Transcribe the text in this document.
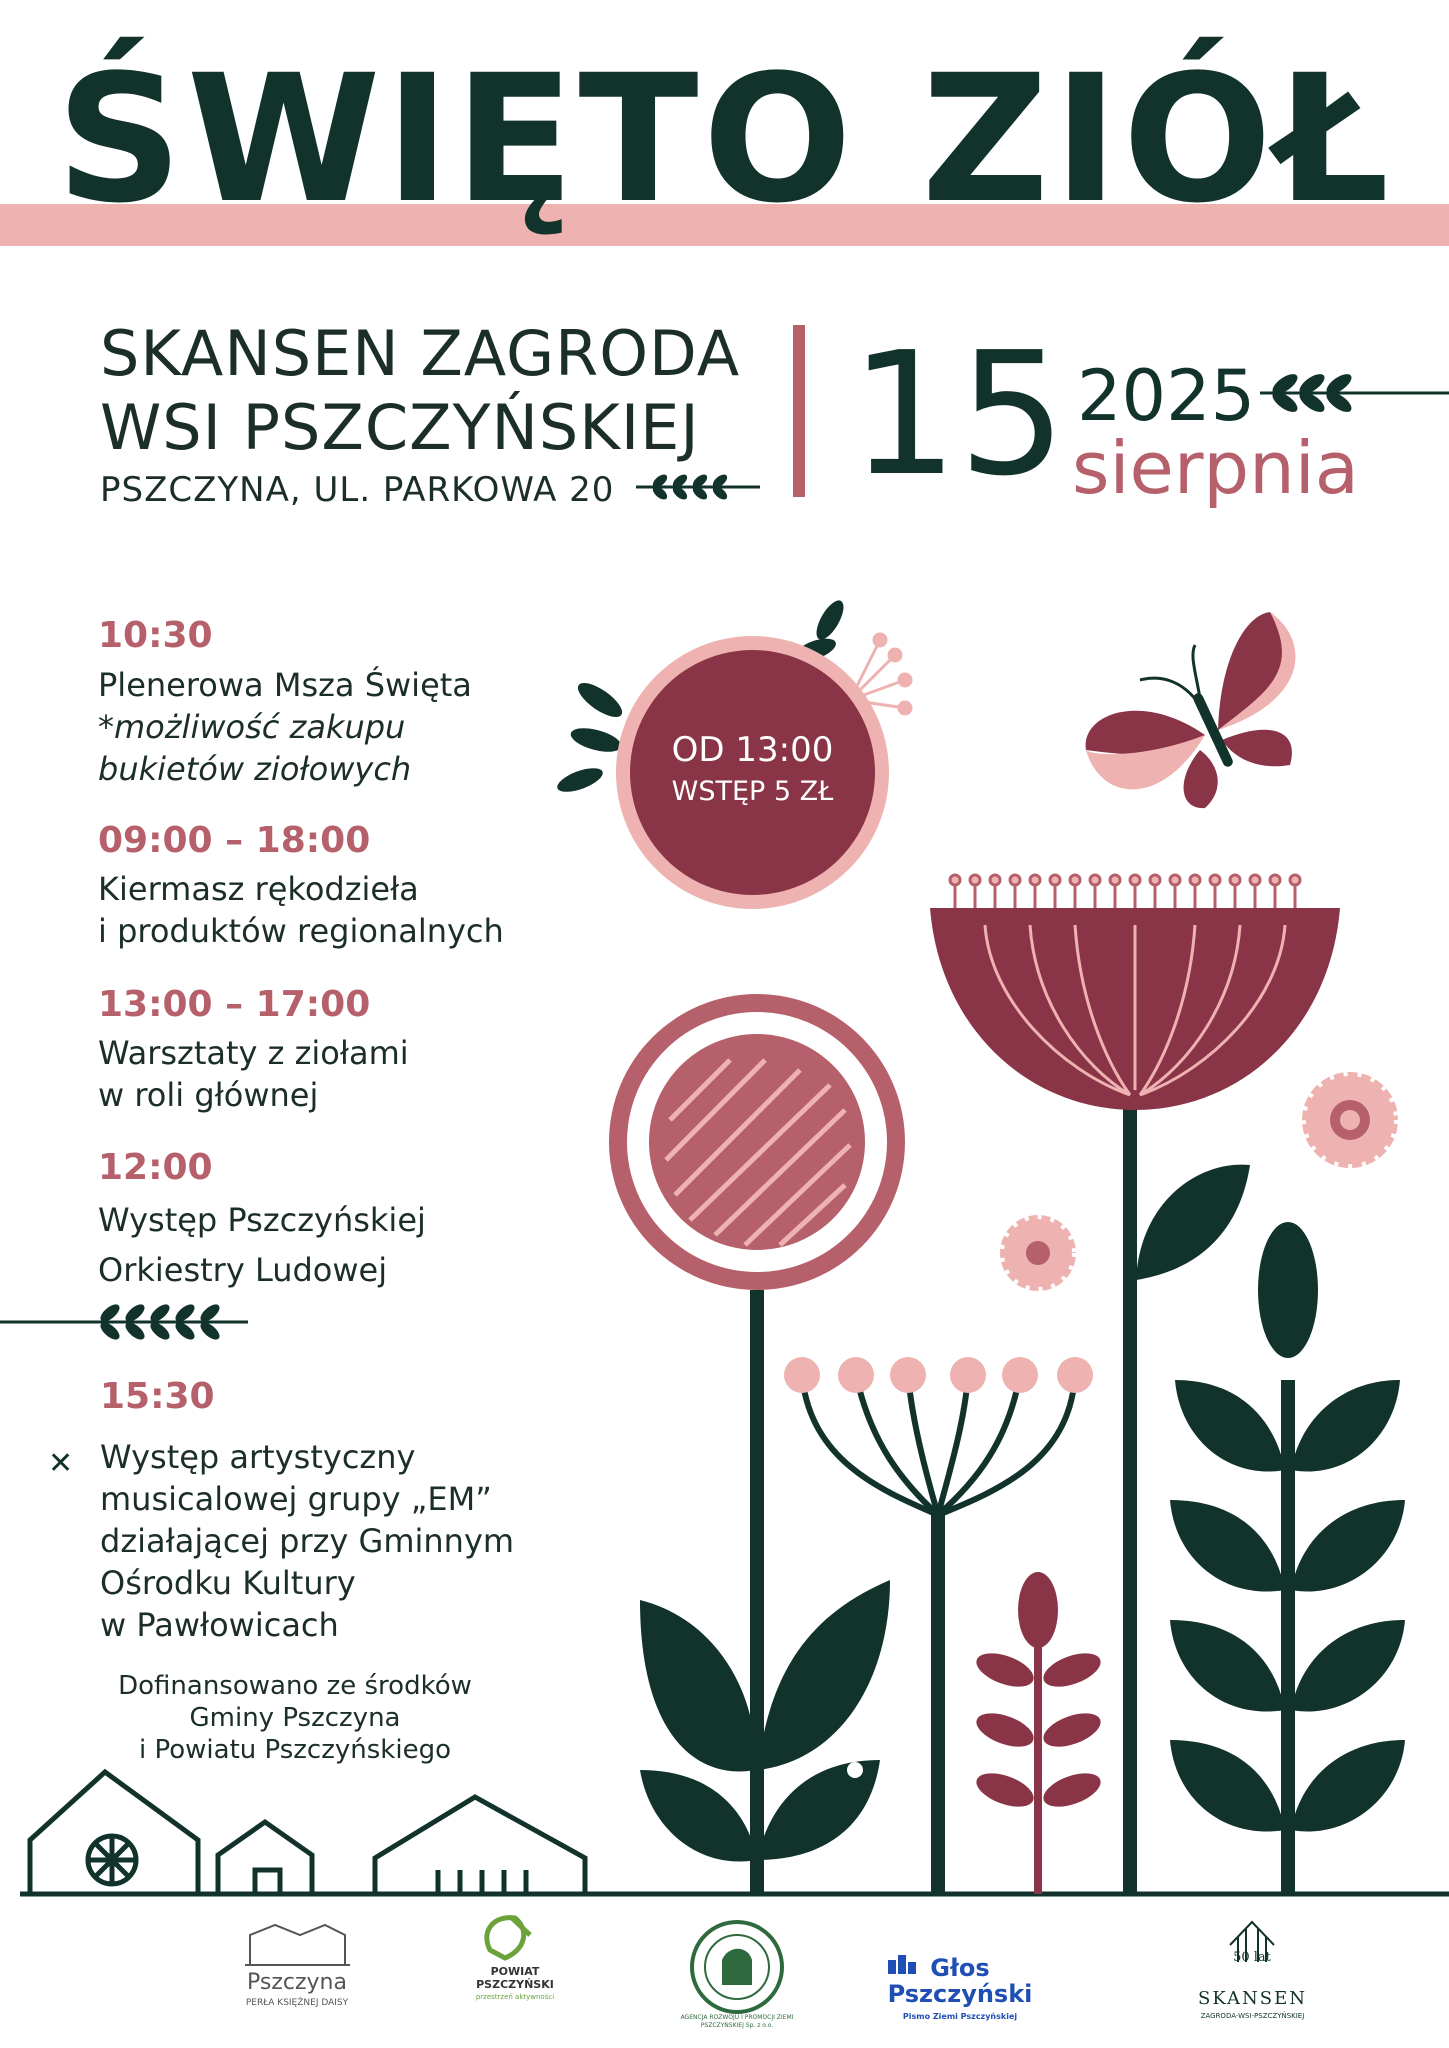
ŚWIĘTO ZIÓŁ
SKANSEN ZAGRODA
WSI PSZCZYŃSKIEJ
PSZCZYNA, UL. PARKOWA 20 15 2025
sierpnia
10:30
Plenerowa Msza Święta
*możliwość zakupu
bukietów ziołowych
09:00 – 18:00
Kiermasz rękodzieła
i produktów regionalnych
13:00 – 17:00
Warsztaty z ziołami
w roli głównej
12:00
Występ Pszczyńskiej
Orkiestry Ludowej
15:30
✕ Występ artystyczny
musicalowej grupy „EM”
działającej przy Gminnym
Ośrodku Kultury
w Pawłowicach
Dofinansowano ze środków
Gminy Pszczyna
i Powiatu Pszczyńskiego
OD 13:00
WSTĘP 5 ZŁ
Pszczyna
PERŁA KSIĘŻNEJ DAISY
POWIAT
PSZCZYŃSKI
przestrzeń aktywności
AGENCJA ROZWOJU I PROMOCJI ZIEMI PSZCZYŃSKIEJ Sp. z o.o.
Głos Pszczyński
Pismo Ziemi Pszczyńskiej
50 lat
SKANSEN
ZAGRODA-WSI-PSZCZYŃSKIEJ
